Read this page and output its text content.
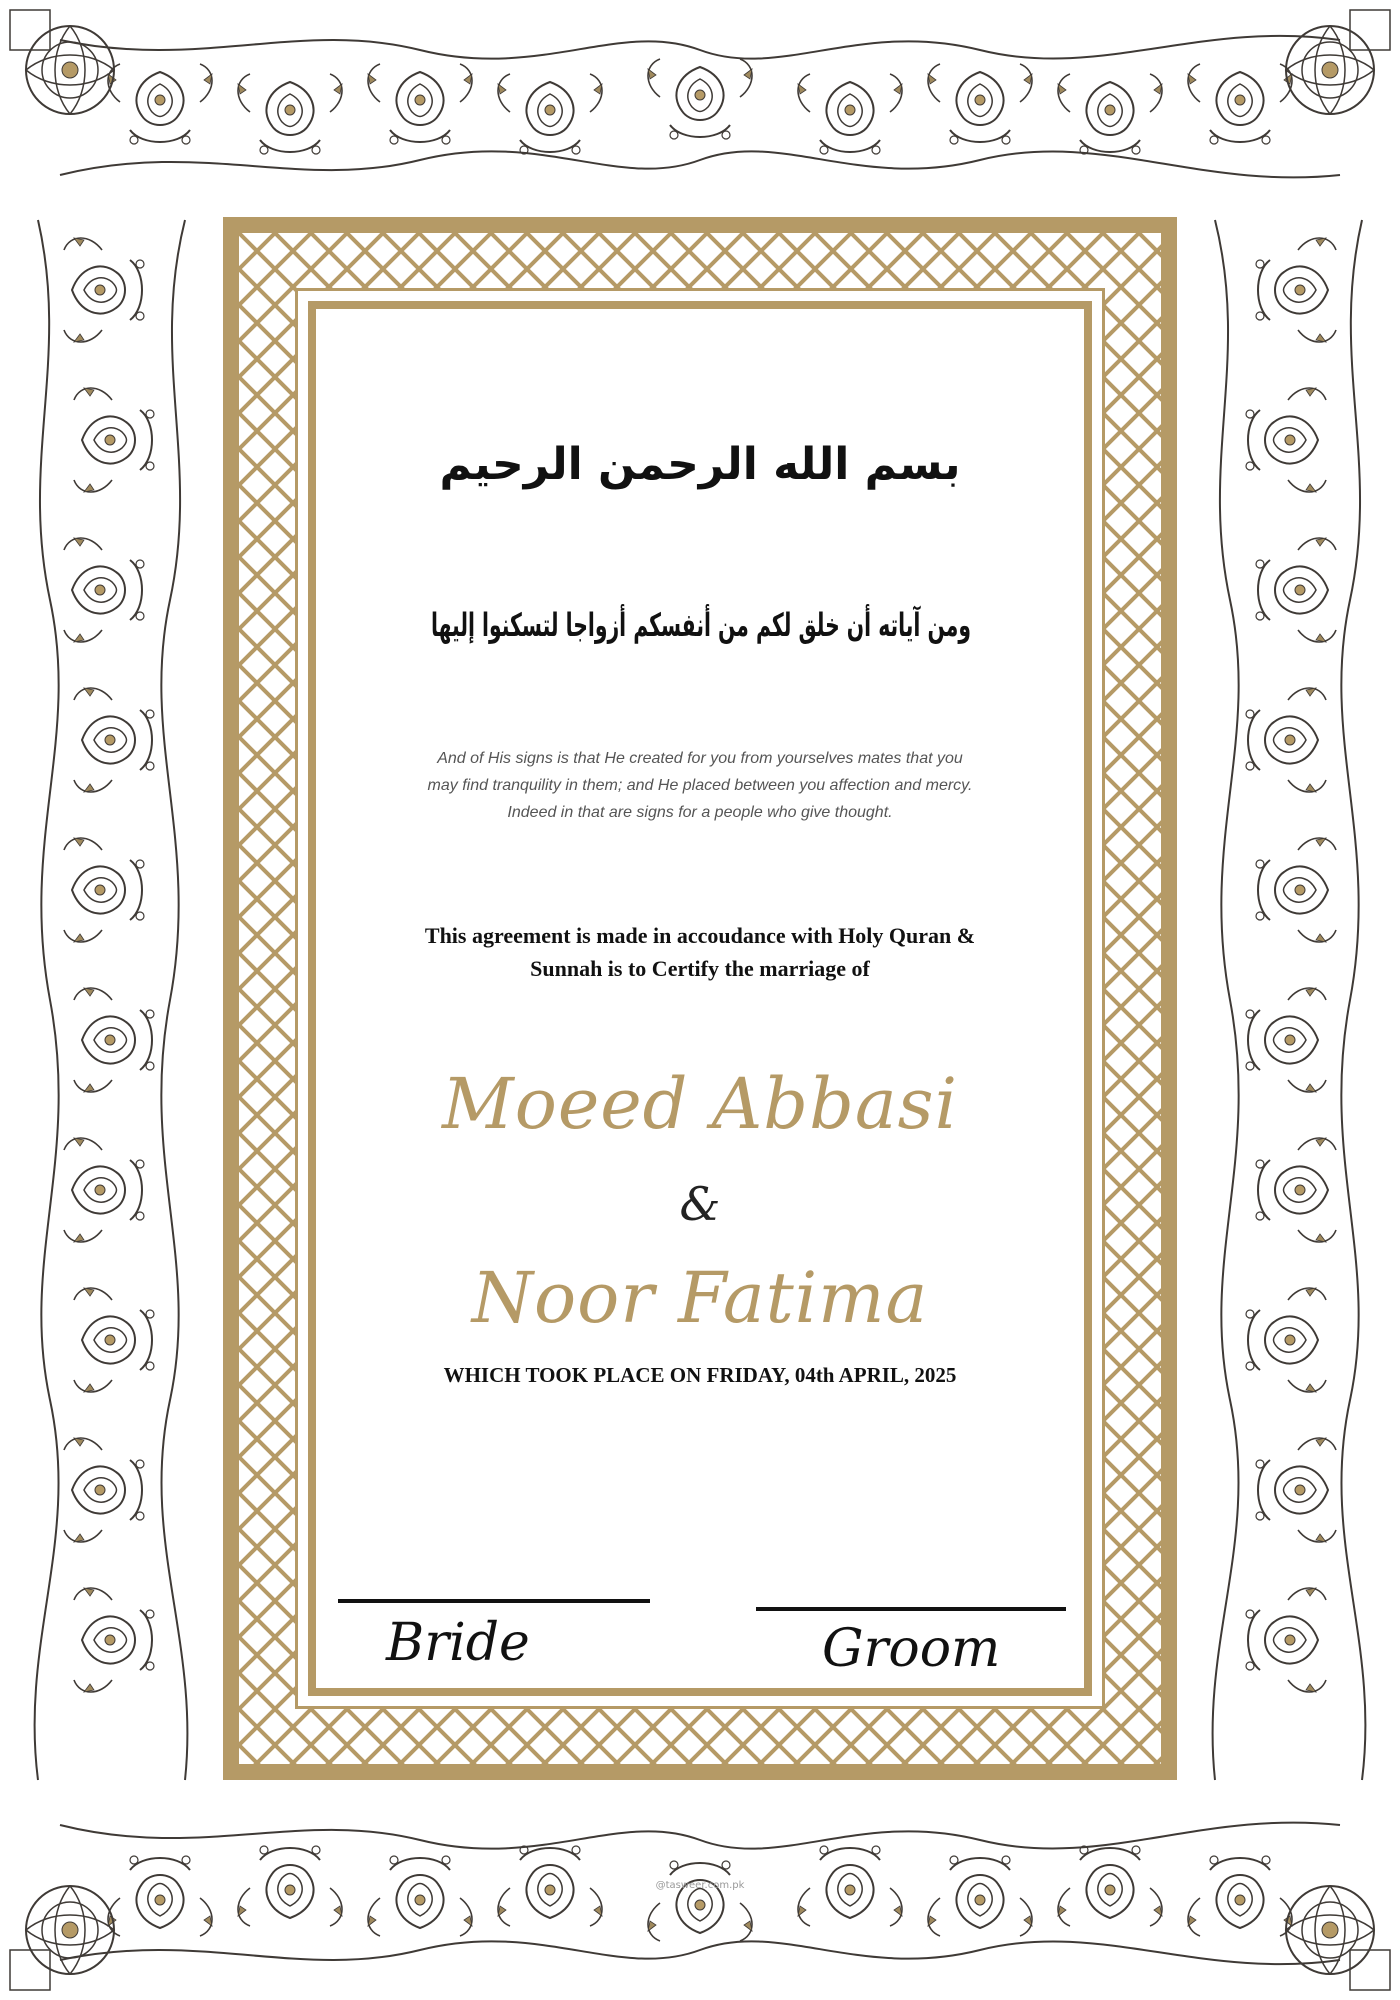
بسم الله الرحمن الرحيم
ومن آياته أن خلق لكم من أنفسكم أزواجا لتسكنوا إليها
And of His signs is that He created for you from yourselves mates that you
may find tranquility in them; and He placed between you affection and mercy.
Indeed in that are signs for a people who give thought.
This agreement is made in accoudance with Holy Quran &
Sunnah is to Certify the marriage of
Moeed Abbasi
&
Noor Fatima
WHICH TOOK PLACE ON FRIDAY, 04th APRIL, 2025
Bride	Groom
@tasweer.com.pk
